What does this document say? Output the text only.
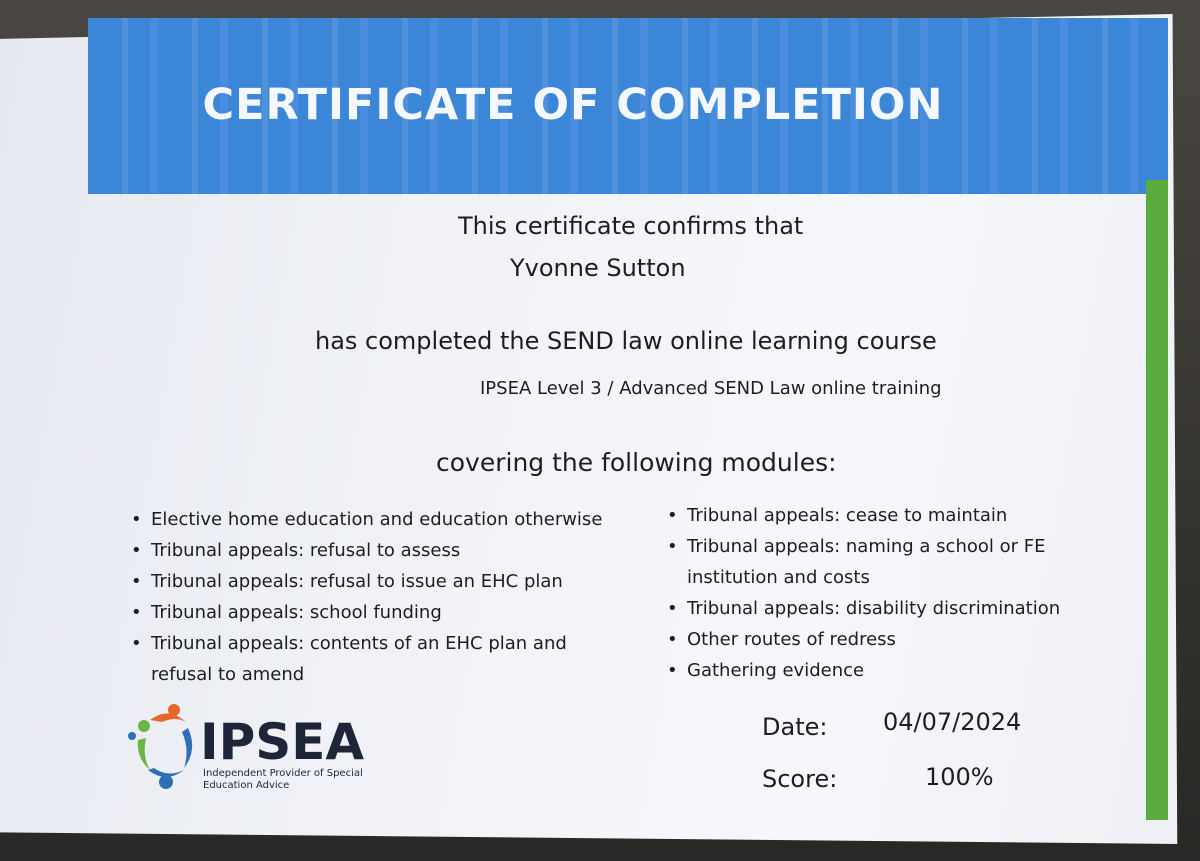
CERTIFICATE OF COMPLETION
This certificate confirms that
Yvonne Sutton
has completed the SEND law online learning course
IPSEA Level 3 / Advanced SEND Law online training
covering the following modules:
• Elective home education and education otherwise
• Tribunal appeals: refusal to assess
• Tribunal appeals: refusal to issue an EHC plan
• Tribunal appeals: school funding
• Tribunal appeals: contents of an EHC plan and refusal to amend
• Tribunal appeals: cease to maintain
• Tribunal appeals: naming a school or FE institution and costs
• Tribunal appeals: disability discrimination
• Other routes of redress
• Gathering evidence
IPSEA
Independent Provider of Special Education Advice
Date: 04/07/2024
Score:	100%
